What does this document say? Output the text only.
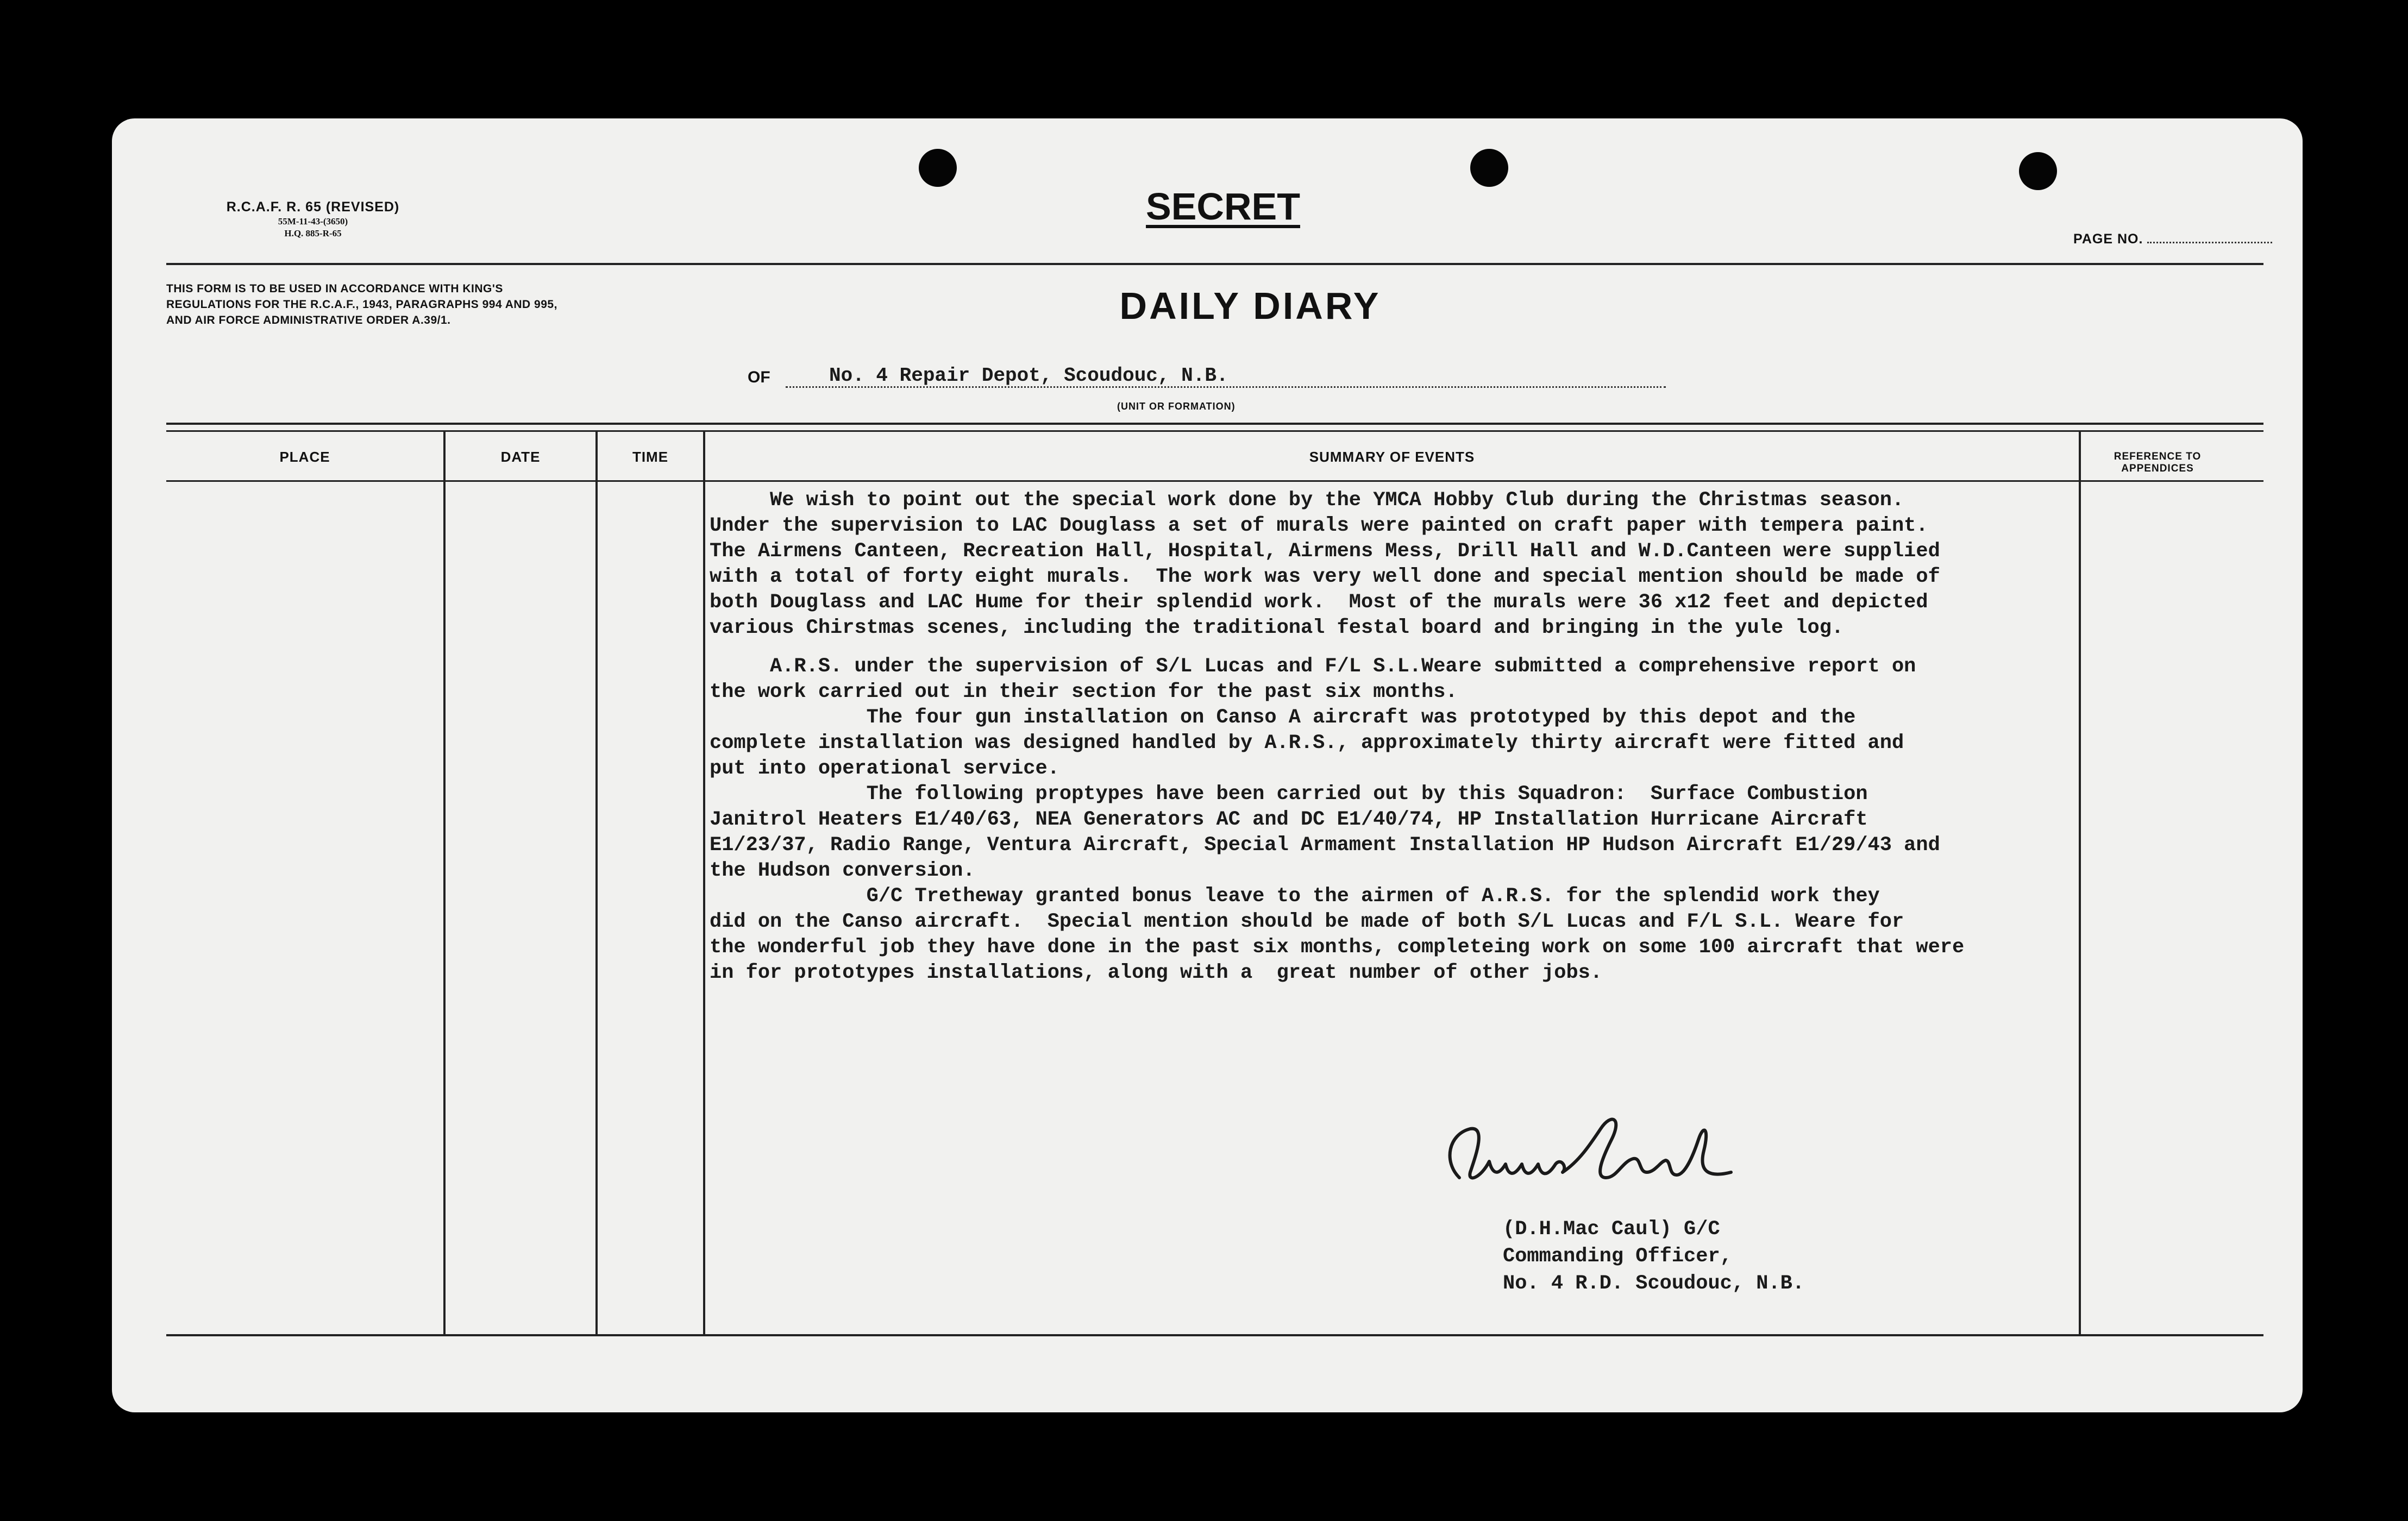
R.C.A.F. R. 65 (REVISED)
55M-11-43-(3650)
H.Q. 885-R-65
SECRET
PAGE NO.
THIS FORM IS TO BE USED IN ACCORDANCE WITH KING'S REGULATIONS FOR THE R.C.A.F., 1943, PARAGRAPHS 994 AND 995, AND AIR FORCE ADMINISTRATIVE ORDER A.39/1.	DAILY DIARY
OF	No. 4 Repair Depot, Scoudouc, N.B.
(UNIT OR FORMATION)
PLACE	DATE	TIME	SUMMARY OF EVENTS	REFERENCE TO APPENDICES

We wish to point out the special work done by the YMCA Hobby Club during the Christmas season.

Under the supervision to LAC Douglass a set of murals were painted on craft paper with tempera paint.

The Airmens Canteen, Recreation Hall, Hospital, Airmens Mess, Drill Hall and W.D.Canteen were supplied

with a total of forty eight murals.  The work was very well done and special mention should be made of

both Douglass and LAC Hume for their splendid work.  Most of the murals were 36 x12 feet and depicted

various Chirstmas scenes, including the traditional festal board and bringing in the yule log.

A.R.S. under the supervision of S/L Lucas and F/L S.L.Weare submitted a comprehensive report on

the work carried out in their section for the past six months.

The four gun installation on Canso A aircraft was prototyped by this depot and the

complete installation was designed handled by A.R.S., approximately thirty aircraft were fitted and

put into operational service.

The following proptypes have been carried out by this Squadron:  Surface Combustion

Janitrol Heaters E1/40/63, NEA Generators AC and DC E1/40/74, HP Installation Hurricane Aircraft

E1/23/37, Radio Range, Ventura Aircraft, Special Armament Installation HP Hudson Aircraft E1/29/43 and

the Hudson conversion.

G/C Tretheway granted bonus leave to the airmen of A.R.S. for the splendid work they

did on the Canso aircraft.  Special mention should be made of both S/L Lucas and F/L S.L. Weare for

the wonderful job they have done in the past six months, completeing work on some 100 aircraft that were

in for prototypes installations, along with a  great number of other jobs.

(D.H.Mac Caul) G/C
Commanding Officer,
No. 4 R.D. Scoudouc, N.B.
